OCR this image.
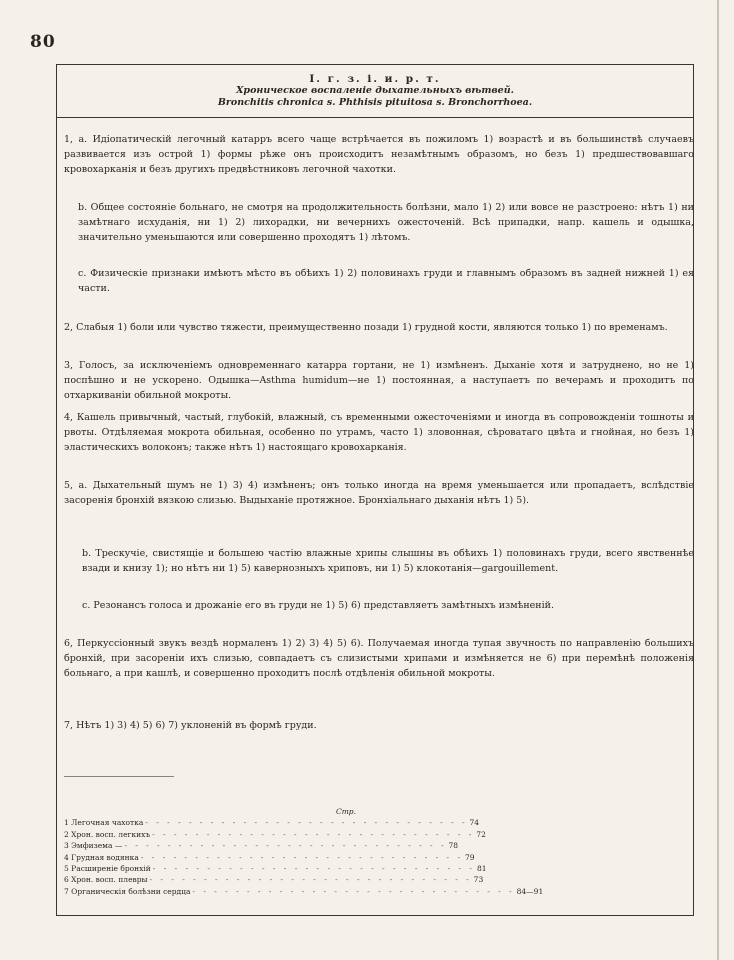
80
I. г. з. і. и. р. т.
Хроническое воспаленіе дыхательныхъ вѣтвей.
Bronchitis chronica s. Phthisis pituitosa s. Bronchorrhoea.
1, а. Идіопатическій легочный катарръ всего чаще встрѣчается въ пожиломъ 1) возрастѣ и въ большинствѣ случаевъ развивается изъ острой 1) формы рѣже онъ происходитъ незамѣтнымъ образомъ, но безъ 1) предшествовавшаго кровохарканія и безъ другихъ предвѣстниковъ легочной чахотки.
b. Общее состояніе больнаго, не смотря на продолжительность болѣзни, мало 1) 2) или вовсе не разстроено: нѣтъ 1) ни замѣтнаго исхуданія, ни 1) 2) лихорадки, ни вечернихъ ожесточеній. Всѣ припадки, напр. кашель и одышка, значительно уменьшаются или совершенно проходятъ 1) лѣтомъ.
c. Физическіе признаки имѣютъ мѣсто въ обѣихъ 1) 2) половинахъ груди и главнымъ образомъ въ задней нижней 1) ея части.
2, Слабыя 1) боли или чувство тяжести, преимущественно позади 1) грудной кости, являются только 1) по временамъ.
3, Голосъ, за исключеніемъ одновременнаго катарра гортани, не 1) измѣненъ. Дыханіе хотя и затруднено, но не 1) поспѣшно и не ускорено. Одышка—Asthma humidum—не 1) постоянная, а наступаетъ по вечерамъ и проходитъ по отхаркиваніи обильной мокроты.
4, Кашель привычный, частый, глубокій, влажный, съ временными ожесточеніями и иногда въ сопровожденіи тошноты и рвоты. Отдѣляемая мокрота обильная, особенно по утрамъ, часто 1) зловонная, сѣроватаго цвѣта и гнойная, но безъ 1) эластическихъ волоконъ; также нѣтъ 1) настоящаго кровохарканія.
5, а. Дыхательный шумъ не 1) 3) 4) измѣненъ; онъ только иногда на время уменьшается или пропадаетъ, вслѣдствіе засоренія бронхій вязкою слизью. Выдыханіе протяжное. Бронхіальнаго дыханія нѣтъ 1) 5).
b. Трескучіе, свистящіе и большею частію влажные хрипы слышны въ обѣихъ 1) половинахъ груди, всего явственнѣе взади и книзу 1); но нѣтъ ни 1) 5) кавернозныхъ хриповъ, ни 1) 5) клокотанія—gargouillement.
c. Резонансъ голоса и дрожаніе его въ груди не 1) 5) 6) представляетъ замѣтныхъ измѣненій.
6, Перкуссіонный звукъ вездѣ нормаленъ 1) 2) 3) 4) 5) 6). Получаемая иногда тупая звучность по направленію большихъ бронхій, при засореніи ихъ слизью, совпадаетъ съ слизистыми хрипами и измѣняется не 6) при перемѣнѣ положенія больнаго, а при кашлѣ, и совершенно проходитъ послѣ отдѣленія обильной мокроты.
7, Нѣтъ 1) 3) 4) 5) 6) 7) уклоненій въ формѣ груди.
Стр.
1 Легочная чахотка - - - - - - - - - - - - - - - - - - - - - - - - - - - - - - 74
2 Хрон. восп. легкихъ - - - - - - - - - - - - - - - - - - - - - - - - - - - - - - 72
3 Эмфизема — - - - - - - - - - - - - - - - - - - - - - - - - - - - - - - 78
4 Грудная водянка - - - - - - - - - - - - - - - - - - - - - - - - - - - - - - 79
5 Расширеніе бронхій - - - - - - - - - - - - - - - - - - - - - - - - - - - - - - 81
6 Хрон. восп. плевры - - - - - - - - - - - - - - - - - - - - - - - - - - - - - - 73
7 Органическія болѣзни сердца - - - - - - - - - - - - - - - - - - - - - - - - - - - - - - 84—91
